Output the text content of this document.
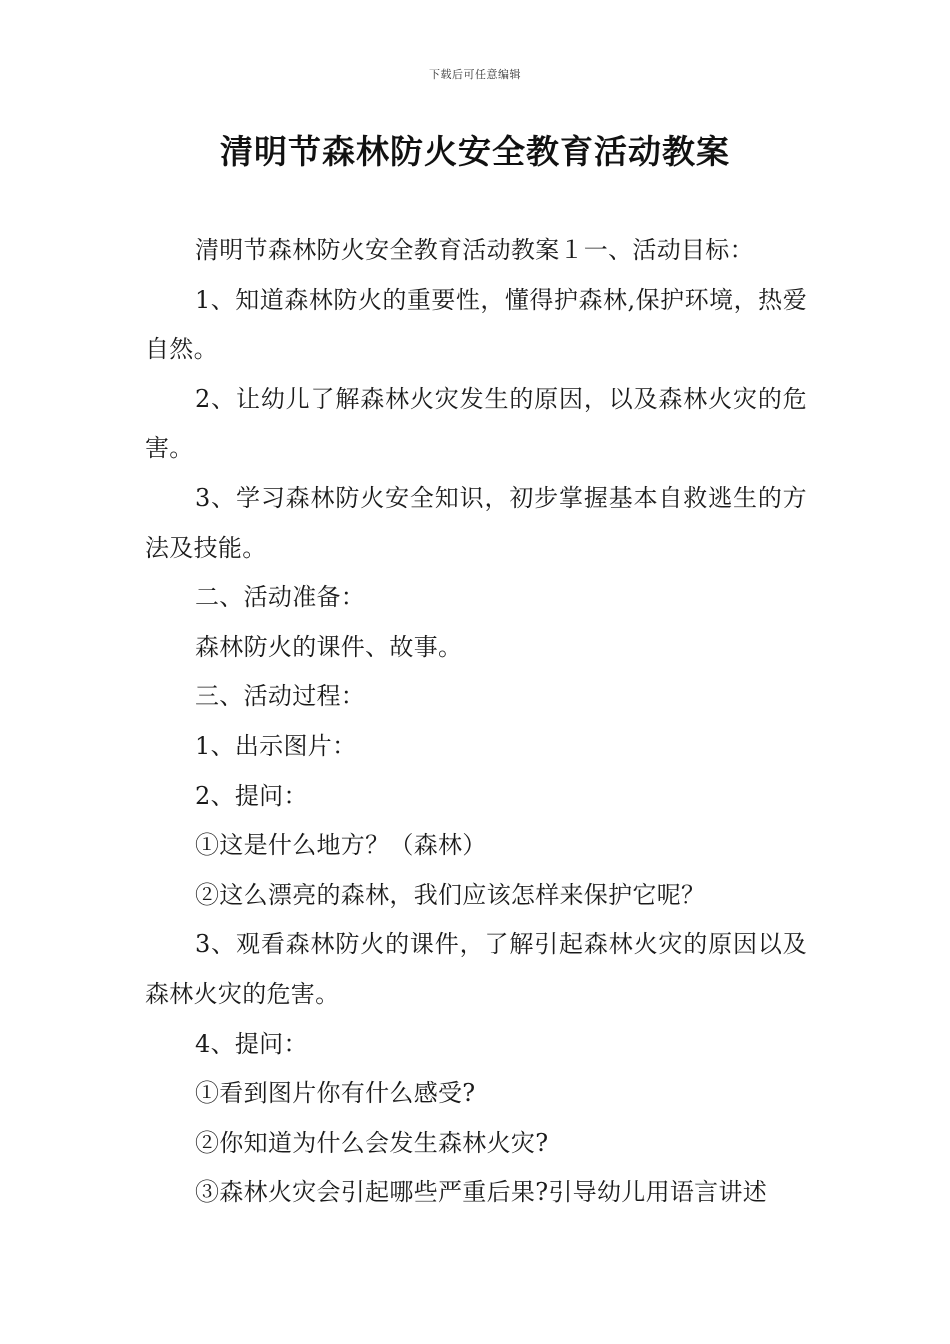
下载后可任意编辑
清明节森林防火安全教育活动教案

清明节森林防火安全教育活动教案１一、活动目标：

1、知道森林防火的重要性，懂得护森林,保护环境，热爱自然。

2、让幼儿了解森林火灾发生的原因，以及森林火灾的危害。

3、学习森林防火安全知识，初步掌握基本自救逃生的方法及技能。

二、活动准备：

森林防火的课件、故事。

三、活动过程：

1、出示图片：

2、提问：

①这是什么地方？（森林）

②这么漂亮的森林，我们应该怎样来保护它呢？

3、观看森林防火的课件，了解引起森林火灾的原因以及森林火灾的危害。

4、提问：

①看到图片你有什么感受?

②你知道为什么会发生森林火灾?

③森林火灾会引起哪些严重后果?引导幼儿用语言讲述
